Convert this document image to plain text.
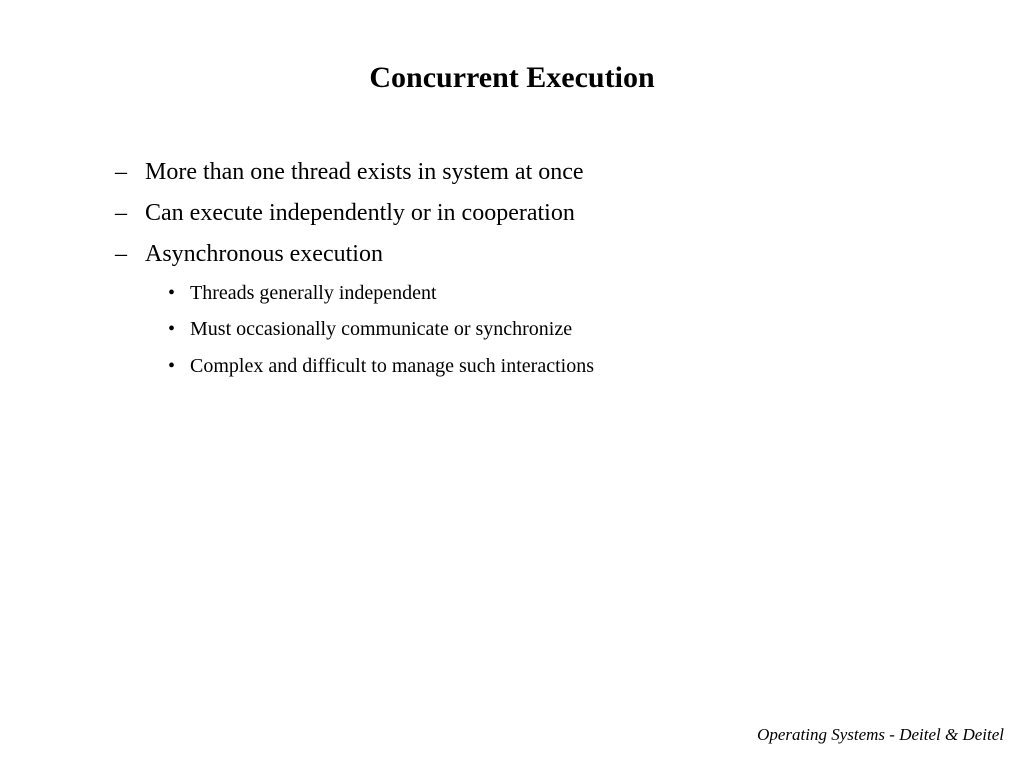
Concurrent Execution
– More than one thread exists in system at once
– Can execute independently or in cooperation
– Asynchronous execution
• Threads generally independent
• Must occasionally communicate or synchronize
• Complex and difficult to manage such interactions
Operating Systems - Deitel & Deitel
